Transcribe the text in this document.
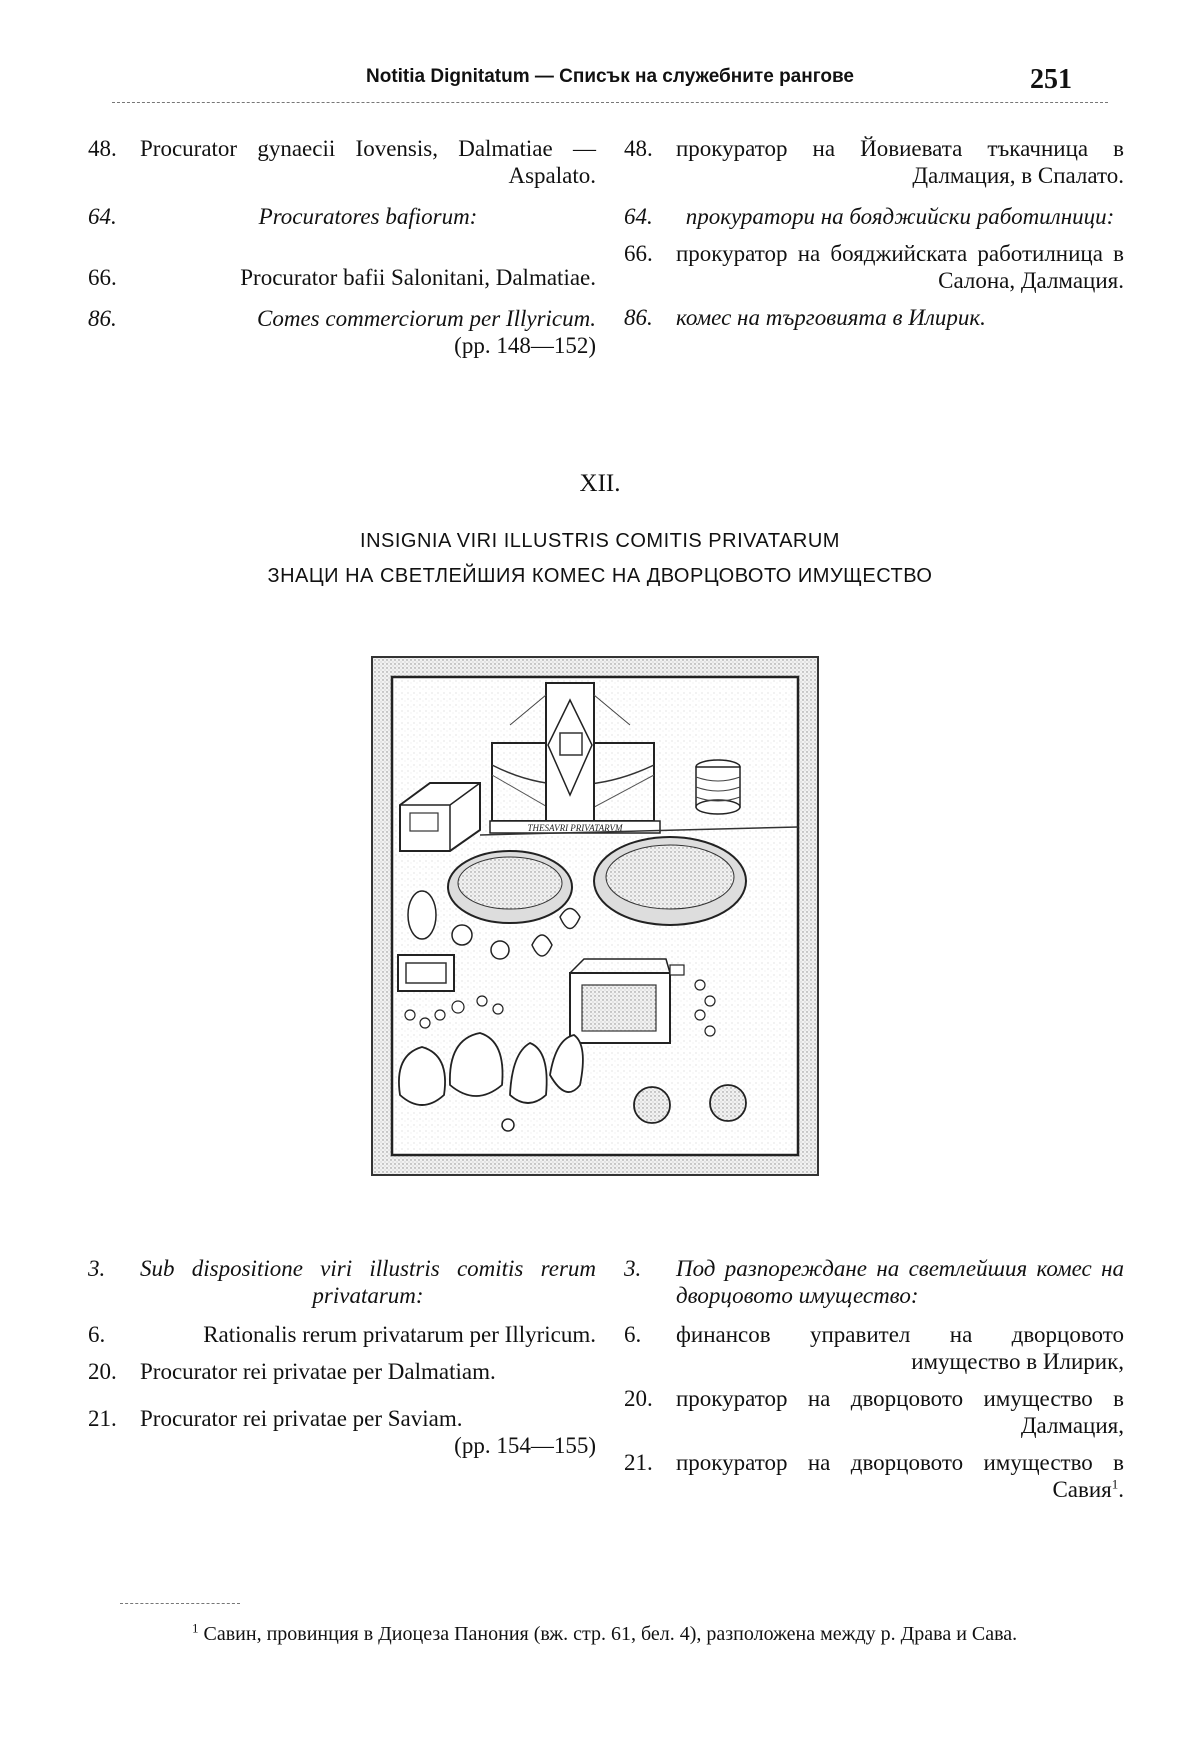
Notitia Dignitatum — Списък на служебните рангове	251
48.	Procurator gynaecii Iovensis, Dalmatiae — Aspalato.
64.	Procuratores bafiorum:
66.	Procurator bafii Salonitani, Dalmatiae.
86.	Comes commerciorum per Illyricum.
(pp. 148—152)
48.	прокуратор на Йовиевата тъкачница в Далмация, в Спалато.
64.	прокуратори на бояджийски работилници:
66.	прокуратор на бояджийската работилница в Салона, Далмация.
86.	комес на търговията в Илирик.
XII.
INSIGNIA VIRI ILLUSTRIS COMITIS PRIVATARUM
ЗНАЦИ НА СВЕТЛЕЙШИЯ КОМЕС НА ДВОРЦОВОТО ИМУЩЕСТВО
THESAVRI PRIVATARVM
3.	Sub dispositione viri illustris comitis rerum privatarum:
6.	Rationalis rerum privatarum per Illyricum.
20.	Procurator rei privatae per Dalmatiam.
21.	Procurator rei privatae per Saviam.
(pp. 154—155)
3.	Под разпореждане на светлейшия комес на дворцовото имущество:
6.	финансов управител на дворцовото имущество в Илирик,
20.	прокуратор на дворцовото имущество в Далмация,
21.	прокуратор на дворцовото имущество в Савия$^1$.
$^1$ Савин, провинция в Диоцеза Панония (вж. стр. 61, бел. 4), разположена между р. Драва и Сава.
